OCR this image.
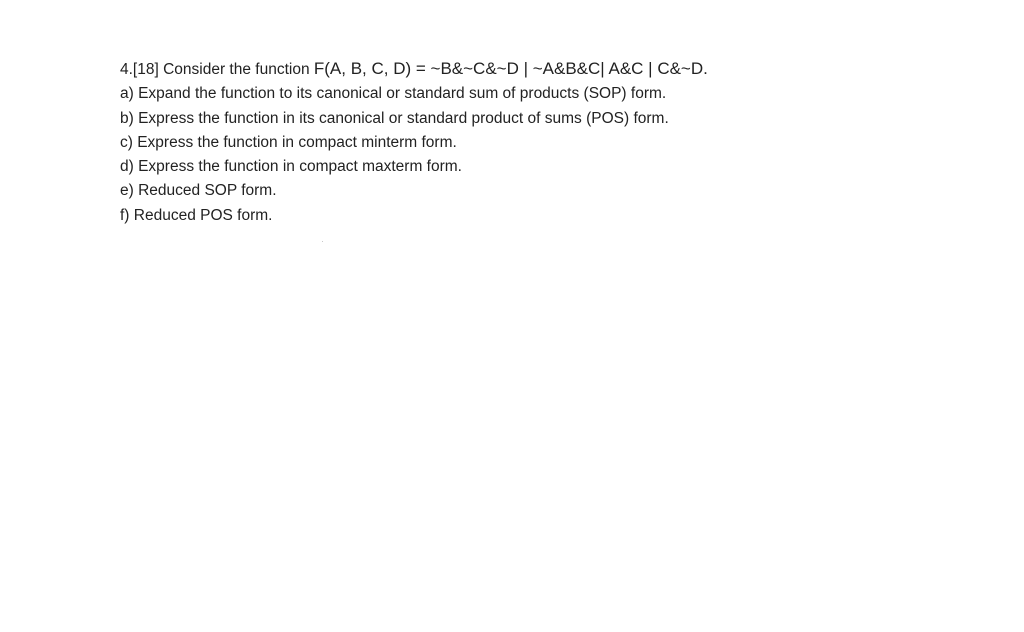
4.[18] Consider the function F(A, B, C, D) = ~B&~C&~D | ~A&B&C| A&C | C&~D.
a) Expand the function to its canonical or standard sum of products (SOP) form.
b) Express the function in its canonical or standard product of sums (POS) form.
c) Express the function in compact minterm form.
d) Express the function in compact maxterm form.
e) Reduced SOP form.
f) Reduced POS form.
